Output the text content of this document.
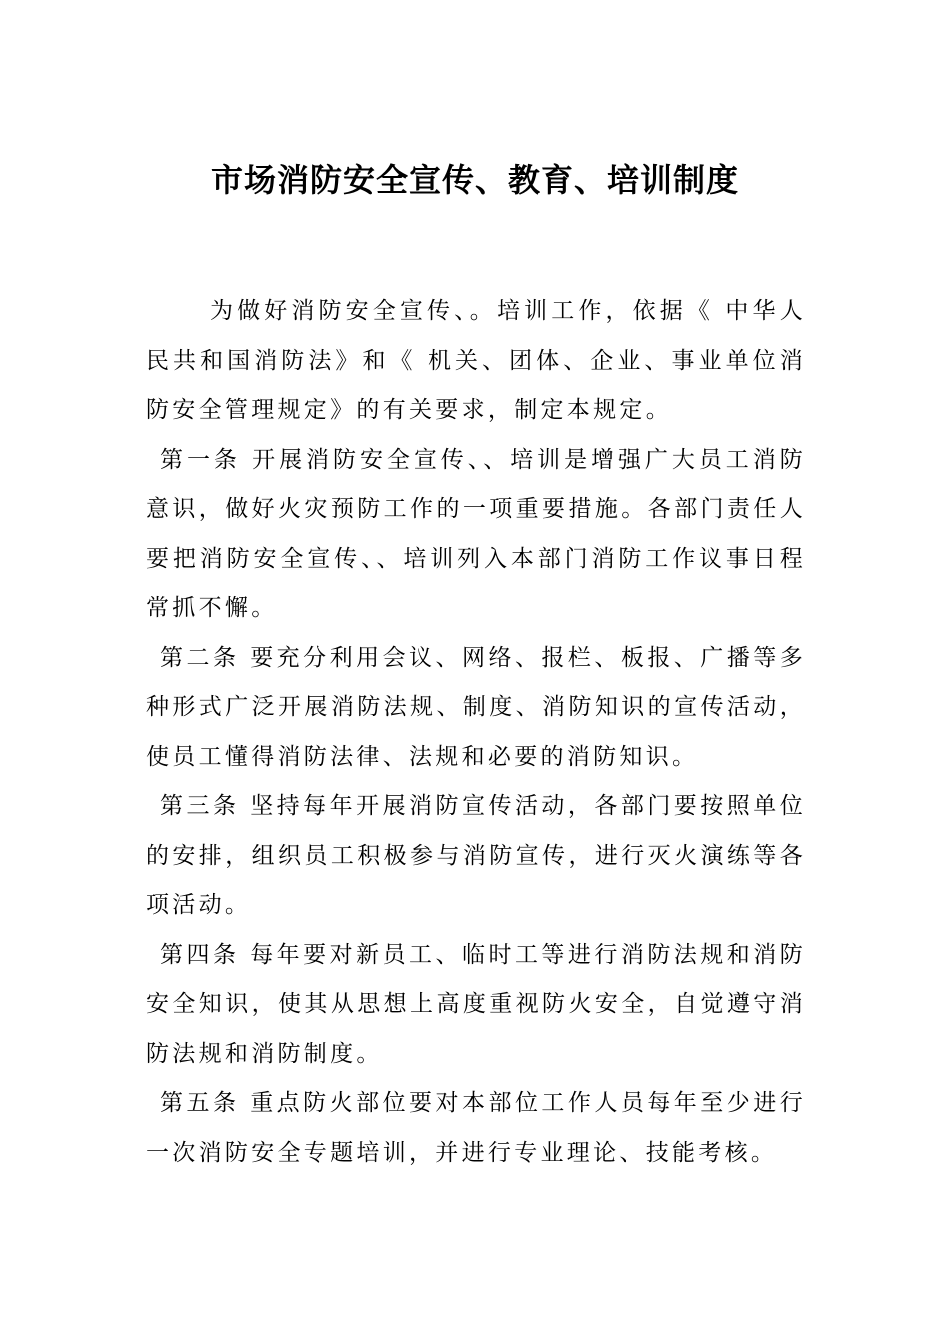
市场消防安全宣传、教育、培训制度

为做好消防安全宣传、。培训工作，依据《 中华人民共和国消防法》和《 机关、团体、企业、事业单位消防安全管理规定》的有关要求，制定本规定。

第一条 开展消防安全宣传、、培训是增强广大员工消防意识，做好火灾预防工作的一项重要措施。各部门责任人要把消防安全宣传、、培训列入本部门消防工作议事日程常抓不懈。

第二条 要充分利用会议、网络、报栏、板报、广播等多种形式广泛开展消防法规、制度、消防知识的宣传活动，使员工懂得消防法律、法规和必要的消防知识。

第三条 坚持每年开展消防宣传活动，各部门要按照单位的安排，组织员工积极参与消防宣传，进行灭火演练等各项活动。

第四条 每年要对新员工、临时工等进行消防法规和消防安全知识，使其从思想上高度重视防火安全，自觉遵守消防法规和消防制度。

第五条 重点防火部位要对本部位工作人员每年至少进行一次消防安全专题培训，并进行专业理论、技能考核。
